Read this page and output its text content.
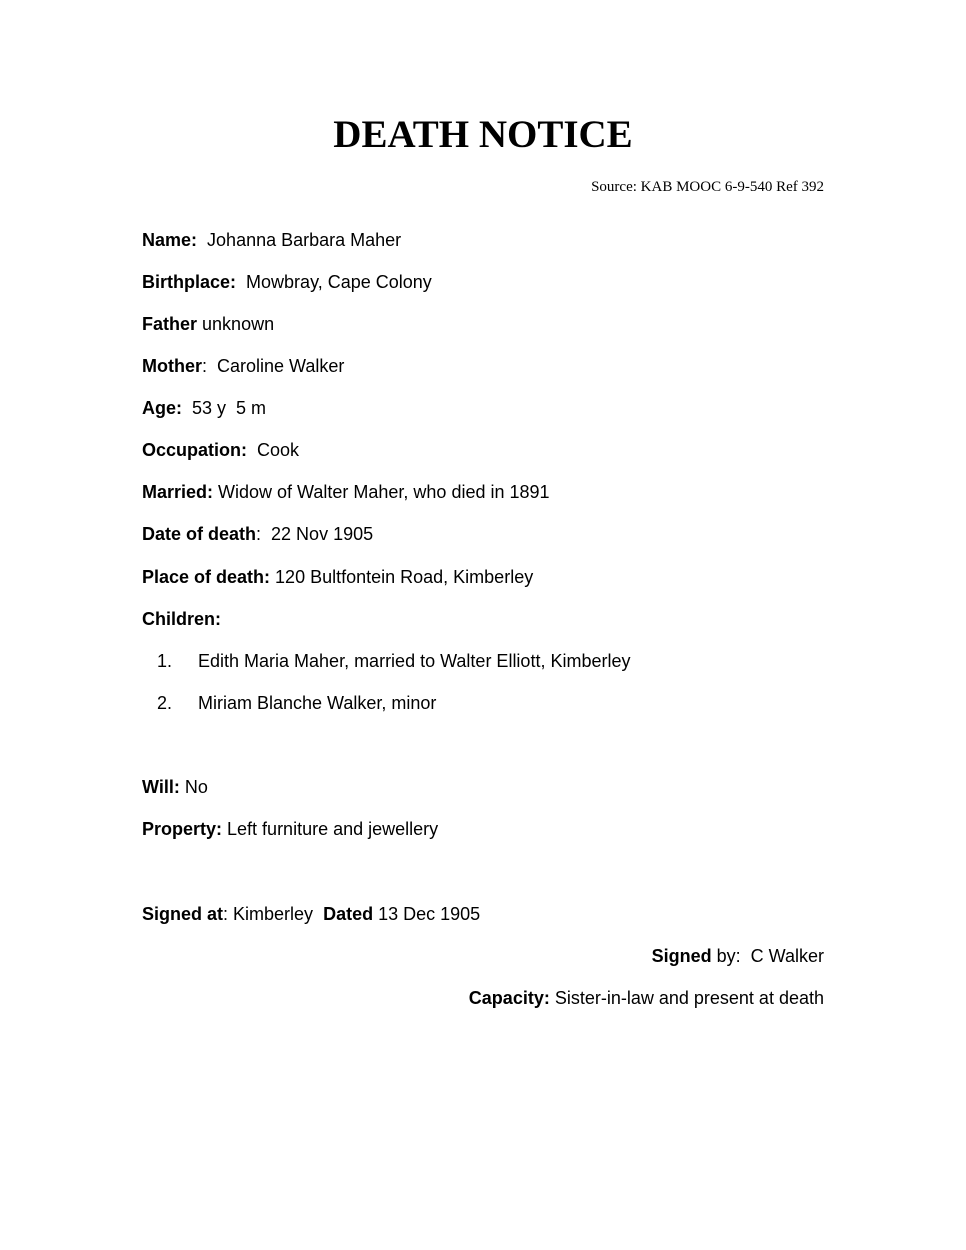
DEATH NOTICE
Source: KAB MOOC 6-9-540 Ref 392
Name: Johanna Barbara Maher
Birthplace: Mowbray, Cape Colony
Father unknown
Mother:  Caroline Walker
Age: 53 y  5 m
Occupation: Cook
Married: Widow of Walter Maher, who died in 1891
Date of death:  22 Nov 1905
Place of death: 120 Bultfontein Road, Kimberley
Children:
1. Edith Maria Maher, married to Walter Elliott, Kimberley
2. Miriam Blanche Walker, minor
Will: No
Property: Left furniture and jewellery
Signed at: Kimberley Dated 13 Dec 1905
Signed by:  C Walker
Capacity: Sister-in-law and present at death
